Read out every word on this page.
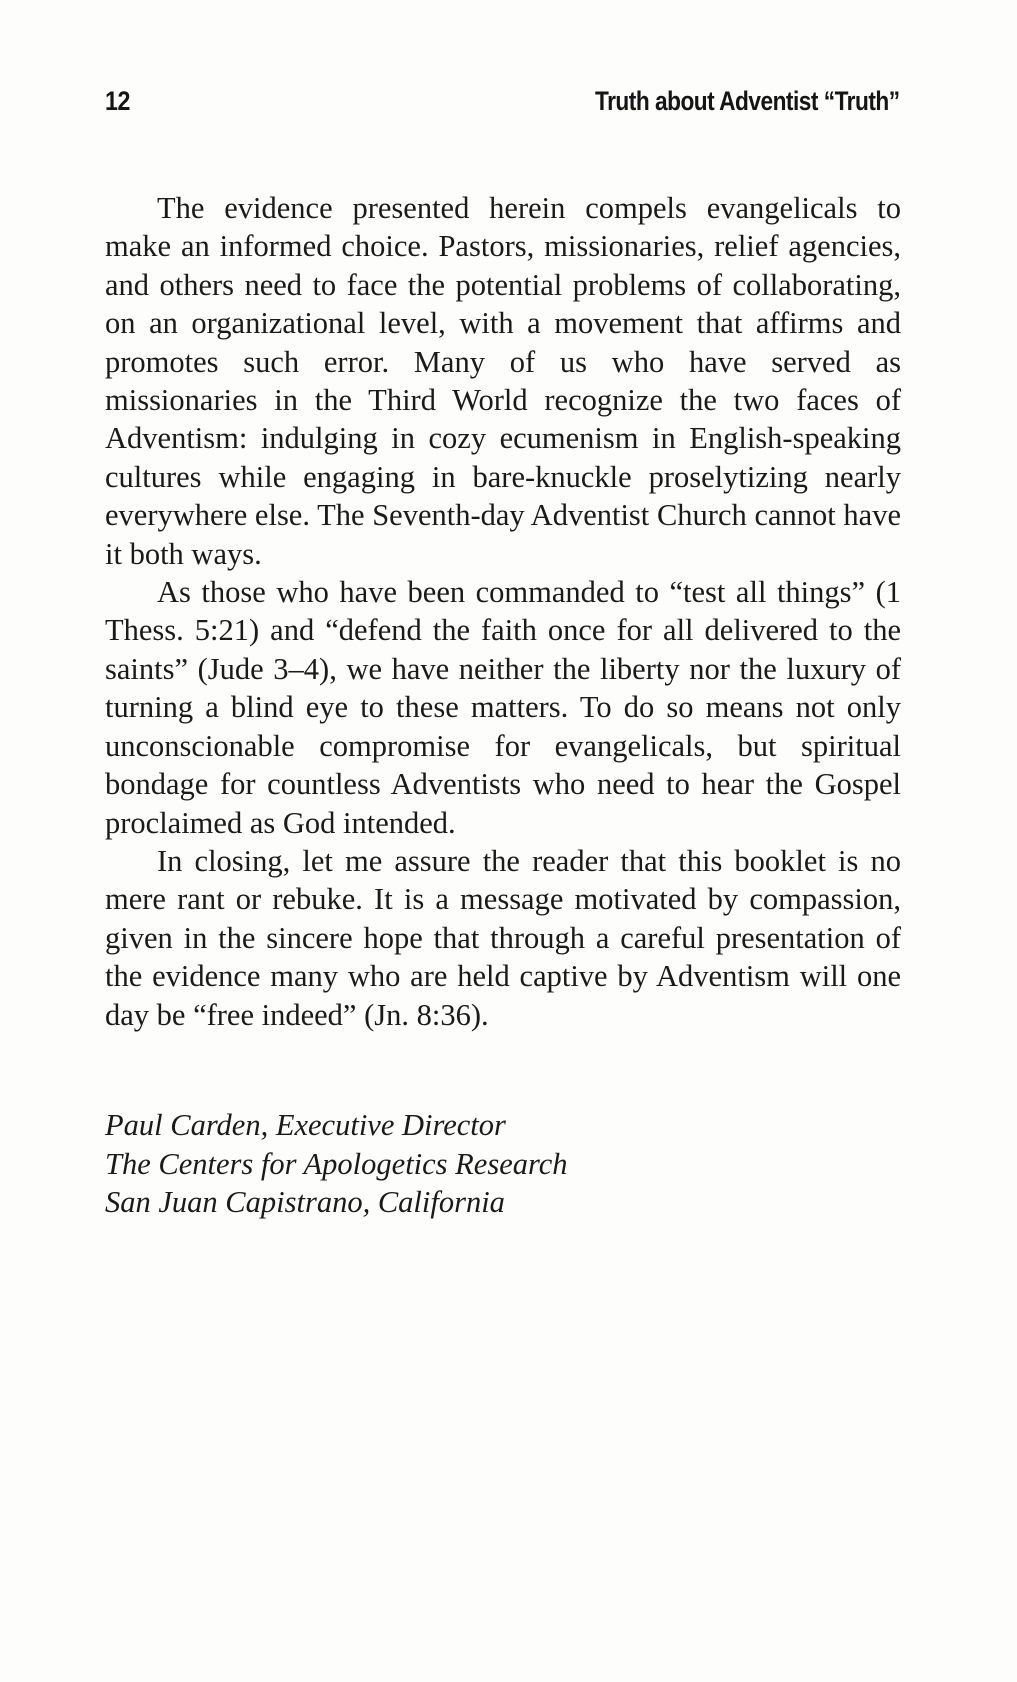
12	Truth about Adventist “Truth”

The evidence presented herein compels evangelicals to make an informed choice. Pastors, missionaries, relief agencies, and others need to face the potential problems of collaborating, on an organizational level, with a movement that affirms and promotes such error. Many of us who have served as missionaries in the Third World recognize the two faces of Adventism: indulging in cozy ecumenism in English-speaking cultures while engaging in bare-knuckle proselytizing nearly everywhere else. The Seventh-day Adventist Church cannot have it both ways.

As those who have been commanded to “test all things” (1 Thess. 5:21) and “defend the faith once for all delivered to the saints” (Jude 3–4), we have neither the liberty nor the luxury of turning a blind eye to these matters. To do so means not only unconscionable compromise for evangelicals, but spiritual bondage for countless Adventists who need to hear the Gospel proclaimed as God intended.

In closing, let me assure the reader that this booklet is no mere rant or rebuke. It is a message motivated by compassion, given in the sincere hope that through a careful presentation of the evidence many who are held captive by Adventism will one day be “free indeed” (Jn. 8:36).

Paul Carden, Executive Director
The Centers for Apologetics Research
San Juan Capistrano, California
